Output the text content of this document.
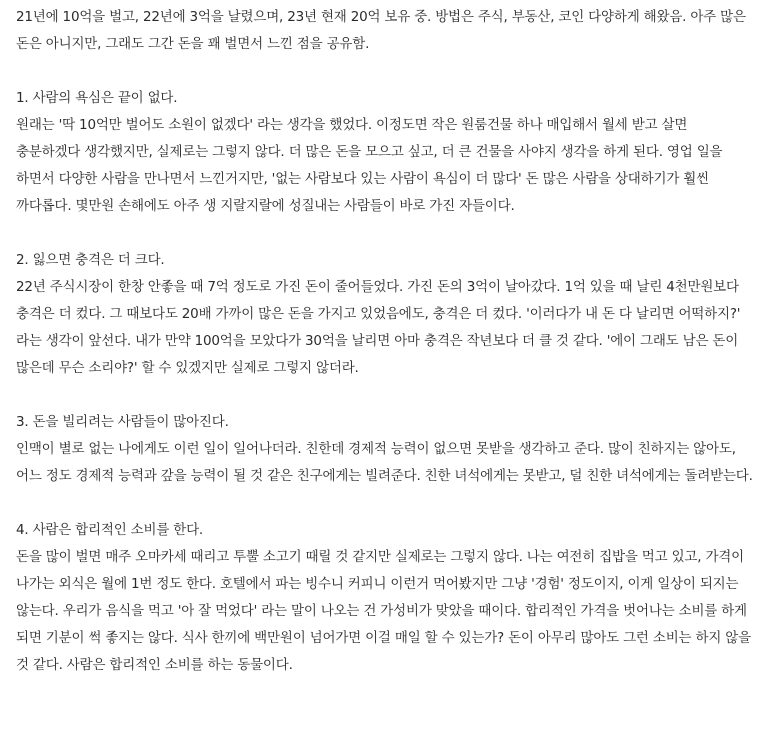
21년에 10억을 벌고, 22년에 3억을 날렸으며, 23년 현재 20억 보유 중. 방법은 주식, 부동산, 코인 다양하게 해왔음. 아주 많은 돈은 아니지만, 그래도 그간 돈을 꽤 벌면서 느낀 점을 공유함.

1. 사람의 욕심은 끝이 없다.

원래는 '딱 10억만 벌어도 소원이 없겠다' 라는 생각을 했었다. 이정도면 작은 원룸건물 하나 매입해서 월세 받고 살면 충분하겠다 생각했지만, 실제로는 그렇지 않다. 더 많은 돈을 모으고 싶고, 더 큰 건물을 사야지 생각을 하게 된다. 영업 일을 하면서 다양한 사람을 만나면서 느낀거지만, '없는 사람보다 있는 사람이 욕심이 더 많다' 돈 많은 사람을 상대하기가 훨씬 까다롭다. 몇만원 손해에도 아주 생 지랄지랄에 성질내는 사람들이 바로 가진 자들이다.

2. 잃으면 충격은 더 크다.

22년 주식시장이 한창 안좋을 때 7억 정도로 가진 돈이 줄어들었다. 가진 돈의 3억이 날아갔다. 1억 있을 때 날린 4천만원보다 충격은 더 컸다. 그 때보다도 20배 가까이 많은 돈을 가지고 있었음에도, 충격은 더 컸다. '이러다가 내 돈 다 날리면 어떡하지?' 라는 생각이 앞선다. 내가 만약 100억을 모았다가 30억을 날리면 아마 충격은 작년보다 더 클 것 같다. '에이 그래도 남은 돈이 많은데 무슨 소리야?' 할 수 있겠지만 실제로 그렇지 않더라.

3. 돈을 빌리려는 사람들이 많아진다.

인맥이 별로 없는 나에게도 이런 일이 일어나더라. 친한데 경제적 능력이 없으면 못받을 생각하고 준다. 많이 친하지는 않아도, 어느 정도 경제적 능력과 갚을 능력이 될 것 같은 친구에게는 빌려준다. 친한 녀석에게는 못받고, 덜 친한 녀석에게는 돌려받는다.

4. 사람은 합리적인 소비를 한다.

돈을 많이 벌면 매주 오마카세 때리고 투뿔 소고기 때릴 것 같지만 실제로는 그렇지 않다. 나는 여전히 집밥을 먹고 있고, 가격이 나가는 외식은 월에 1번 정도 한다. 호텔에서 파는 빙수니 커피니 이런거 먹어봤지만 그냥 '경험' 정도이지, 이게 일상이 되지는 않는다. 우리가 음식을 먹고 '아 잘 먹었다' 라는 말이 나오는 건 가성비가 맞았을 때이다. 합리적인 가격을 벗어나는 소비를 하게 되면 기분이 썩 좋지는 않다. 식사 한끼에 백만원이 넘어가면 이걸 매일 할 수 있는가? 돈이 아무리 많아도 그런 소비는 하지 않을 것 같다. 사람은 합리적인 소비를 하는 동물이다.
